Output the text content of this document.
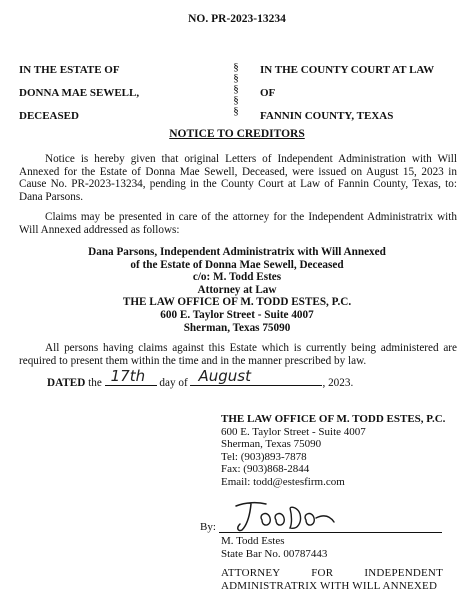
NO. PR-2023-13234
IN THE ESTATE OF
DONNA MAE SEWELL,
DECEASED
§
§
§
§
§
IN THE COUNTY COURT AT LAW
OF
FANNIN COUNTY, TEXAS
NOTICE TO CREDITORS
Notice is hereby given that original Letters of Independent Administration with Will Annexed for the Estate of Donna Mae Sewell, Deceased, were issued on August 15, 2023 in Cause No. PR-2023-13234, pending in the County Court at Law of Fannin County, Texas, to: Dana Parsons.
Claims may be presented in care of the attorney for the Independent Administratrix with Will Annexed addressed as follows:
Dana Parsons, Independent Administratrix with Will Annexed
of the Estate of Donna Mae Sewell, Deceased
c/o: M. Todd Estes
Attorney at Law
THE LAW OFFICE OF M. TODD ESTES, P.C.
600 E. Taylor Street - Suite 4007
Sherman, Texas 75090
All persons having claims against this Estate which is currently being administered are required to present them within the time and in the manner prescribed by law.
DATED the 17th day of August	, 2023.
THE LAW OFFICE OF M. TODD ESTES, P.C.
600 E. Taylor Street - Suite 4007
Sherman, Texas 75090
Tel: (903)893-7878
Fax: (903)868-2844
Email: todd@estesfirm.com
By:
M. Todd Estes
State Bar No. 00787443
ATTORNEY FOR INDEPENDENT
ADMINISTRATRIX WITH WILL ANNEXED
